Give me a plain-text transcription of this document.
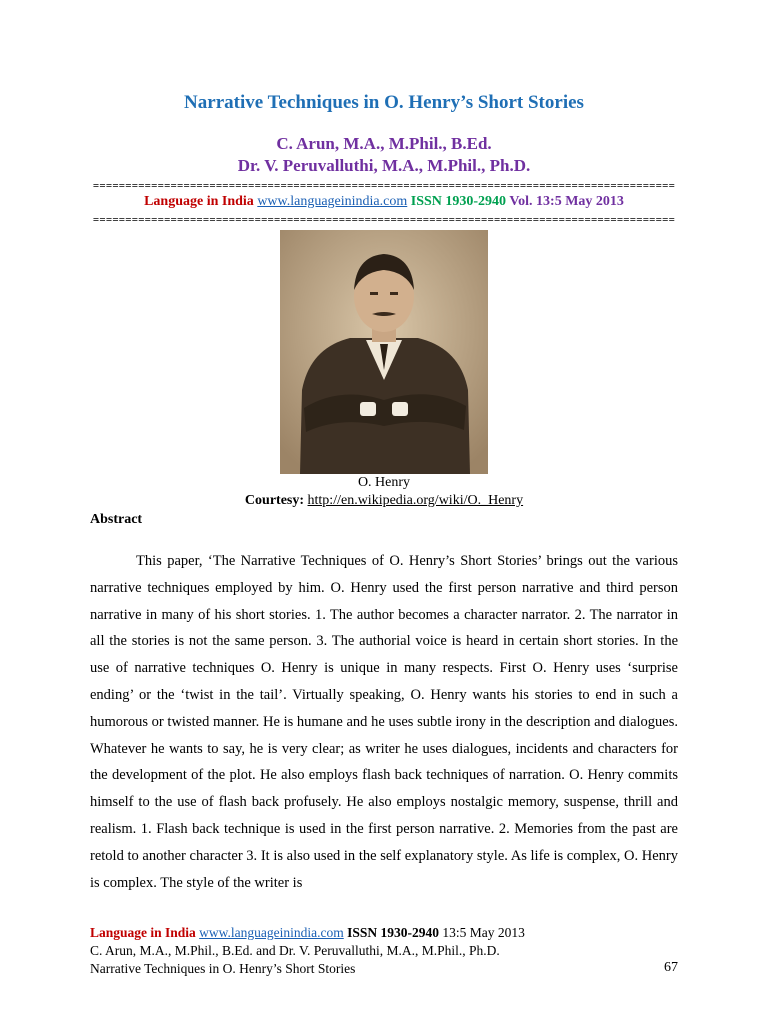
Narrative Techniques in O. Henry’s Short Stories
C. Arun, M.A., M.Phil., B.Ed.
Dr. V. Peruvalluthi, M.A., M.Phil., Ph.D.
==========================================================================================
Language in India www.languageinindia.com ISSN 1930-2940 Vol. 13:5 May 2013
==========================================================================================
O. Henry
Courtesy: http://en.wikipedia.org/wiki/O._Henry
Abstract

This paper, ‘The Narrative Techniques of O. Henry’s Short Stories’ brings out the various narrative techniques employed by him. O. Henry used the first person narrative and third person narrative in many of his short stories. 1. The author becomes a character narrator. 2. The narrator in all the stories is not the same person. 3. The authorial voice is heard in certain short stories. In the use of narrative techniques O. Henry is unique in many respects. First O. Henry uses ‘surprise ending’ or the ‘twist in the tail’. Virtually speaking, O. Henry wants his stories to end in such a humorous or twisted manner. He is humane and he uses subtle irony in the description and dialogues. Whatever he wants to say, he is very clear; as writer he uses dialogues, incidents and characters for the development of the plot. He also employs flash back techniques of narration. O. Henry commits himself to the use of flash back profusely. He also employs nostalgic memory, suspense, thrill and realism. 1. Flash back technique is used in the first person narrative. 2. Memories from the past are retold to another character 3. It is also used in the self explanatory style. As life is complex, O. Henry is complex. The style of the writer is

Language in India www.languageinindia.com ISSN 1930-2940 13:5 May 2013
C. Arun, M.A., M.Phil., B.Ed. and Dr. V. Peruvalluthi, M.A., M.Phil., Ph.D.
Narrative Techniques in O. Henry’s Short Stories	67
